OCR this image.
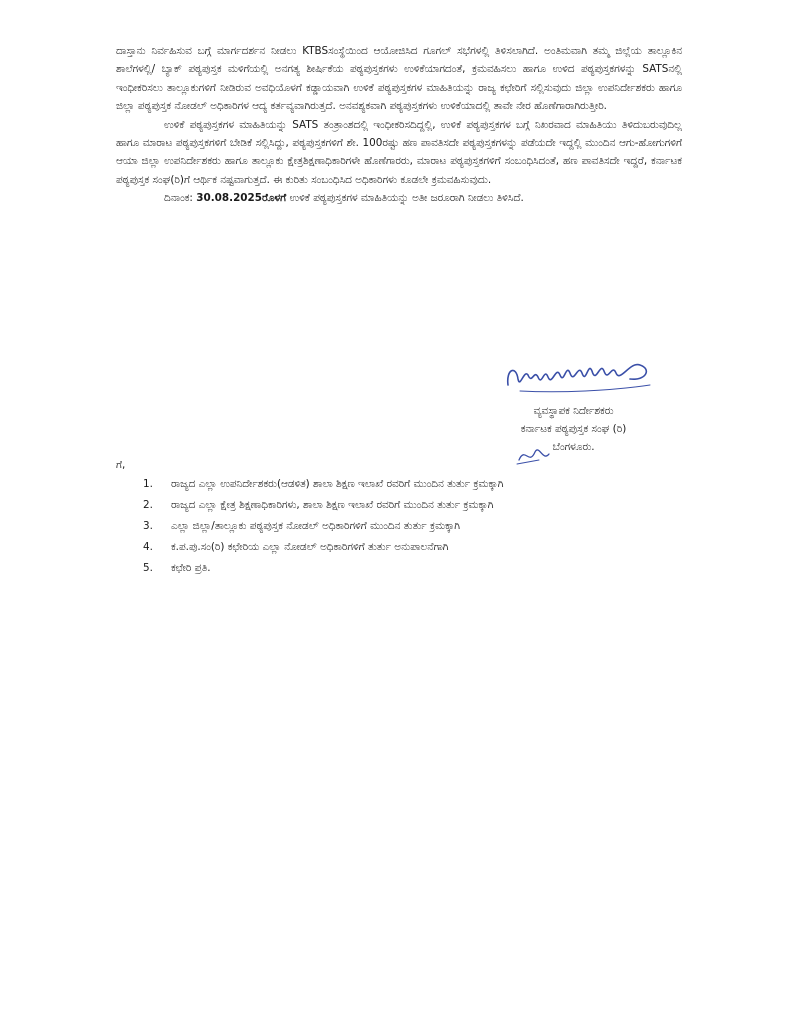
ದಾಸ್ತಾನು ನಿರ್ವಹಿಸುವ ಬಗ್ಗೆ ಮಾರ್ಗದರ್ಶನ ನೀಡಲು KTBSಸಂಸ್ಥೆಯಿಂದ ಆಯೋಜಿಸಿದ ಗೂಗಲ್ ಸಭೆಗಳಲ್ಲಿ ತಿಳಿಸಲಾಗಿದೆ. ಅಂತಿಮವಾಗಿ ತಮ್ಮ ಜಿಲ್ಲೆಯ ತಾಲ್ಲೂಕಿನ ಶಾಲೆಗಳಲ್ಲಿ/ ಬ್ಯಾಕ್ ಪಠ್ಯಪುಸ್ತಕ ಮಳಿಗೆಯಲ್ಲಿ ಅನಗತ್ಯ ಶೀರ್ಷಿಕೆಯ ಪಠ್ಯಪುಸ್ತಕಗಳು ಉಳಿಕೆಯಾಗದಂತೆ, ಕ್ರಮವಹಿಸಲು ಹಾಗೂ ಉಳಿದ ಪಠ್ಯಪುಸ್ತಕಗಳನ್ನು SATSನಲ್ಲಿ ಇಂಧೀಕರಿಸಲು ತಾಲ್ಲೂಕುಗಳಿಗೆ ನೀಡಿರುವ ಅವಧಿಯೊಳಗೆ ಕಡ್ಡಾಯವಾಗಿ ಉಳಿಕೆ ಪಠ್ಯಪುಸ್ತಕಗಳ ಮಾಹಿತಿಯನ್ನು ರಾಜ್ಯ ಕಛೇರಿಗೆ ಸಲ್ಲಿಸುವುದು ಜಿಲ್ಲಾ ಉಪನಿರ್ದೇಶಕರು ಹಾಗೂ ಜಿಲ್ಲಾ ಪಠ್ಯಪುಸ್ತಕ ನೋಡಲ್ ಅಧಿಕಾರಿಗಳ ಆದ್ಯ ಕರ್ತವ್ಯವಾಗಿರುತ್ತದೆ. ಅನವಶ್ಯಕವಾಗಿ ಪಠ್ಯಪುಸ್ತಕಗಳು ಉಳಿಕೆಯಾದಲ್ಲಿ ತಾವೇ ನೇರ ಹೊಣೆಗಾರಾಗಿರುತ್ತೀರಿ.

ಉಳಿಕೆ ಪಠ್ಯಪುಸ್ತಕಗಳ ಮಾಹಿತಿಯನ್ನು SATS ತಂತ್ರಾಂಶದಲ್ಲಿ ಇಂಧೀಕರಿಸದಿದ್ದಲ್ಲಿ, ಉಳಿಕೆ ಪಠ್ಯಪುಸ್ತಕಗಳ ಬಗ್ಗೆ ನಿಖರವಾದ ಮಾಹಿತಿಯು ತಿಳಿದುಬರುವುದಿಲ್ಲ ಹಾಗೂ ಮಾರಾಟ ಪಠ್ಯಪುಸ್ತಕಗಳಿಗೆ ಬೇಡಿಕೆ ಸಲ್ಲಿಸಿದ್ದು, ಪಠ್ಯಪುಸ್ತಕಗಳಿಗೆ ಶೇ. 100ರಷ್ಟು ಹಣ ಪಾವತಿಸದೇ ಪಠ್ಯಪುಸ್ತಕಗಳನ್ನು ಪಡೆಯದೇ ಇದ್ದಲ್ಲಿ ಮುಂದಿನ ಆಗು-ಹೋಗುಗಳಿಗೆ ಆಯಾ ಜಿಲ್ಲಾ ಉಪನಿರ್ದೇಶಕರು ಹಾಗೂ ತಾಲ್ಲೂಕು ಕ್ಷೇತ್ರಶಿಕ್ಷಣಾಧಿಕಾರಿಗಳೇ ಹೊಣೆಗಾರರು, ಮಾರಾಟ ಪಠ್ಯಪುಸ್ತಕಗಳಿಗೆ ಸಂಬಂಧಿಸಿದಂತೆ, ಹಣ ಪಾವತಿಸದೇ ಇದ್ದರೆ, ಕರ್ನಾಟಕ ಪಠ್ಯಪುಸ್ತಕ ಸಂಘ(ರಿ)ಗೆ ಆರ್ಥಿಕ ನಷ್ಟವಾಗುತ್ತದೆ. ಈ ಕುರಿತು ಸಂಬಂಧಿಸಿದ ಅಧಿಕಾರಿಗಳು ಕೂಡಲೇ ಕ್ರಮವಹಿಸುವುದು.

ದಿನಾಂಕ: 30.08.2025ರೊಳಗೆ ಉಳಿಕೆ ಪಠ್ಯಪುಸ್ತಕಗಳ ಮಾಹಿತಿಯನ್ನು ಅತೀ ಜರೂರಾಗಿ ನೀಡಲು ತಿಳಿಸಿದೆ.

ವ್ಯವಸ್ಥಾಪಕ ನಿರ್ದೇಶಕರು
ಕರ್ನಾಟಕ ಪಠ್ಯಪುಸ್ತಕ ಸಂಘ (ರಿ)
ಬೆಂಗಳೂರು.
ಗೆ,
1.	ರಾಜ್ಯದ ಎಲ್ಲಾ ಉಪನಿರ್ದೇಶಕರು(ಆಡಳಿತ) ಶಾಲಾ ಶಿಕ್ಷಣ ಇಲಾಖೆ ರವರಿಗೆ ಮುಂದಿನ ತುರ್ತು ಕ್ರಮಕ್ಕಾಗಿ
2.	ರಾಜ್ಯದ ಎಲ್ಲಾ ಕ್ಷೇತ್ರ ಶಿಕ್ಷಣಾಧಿಕಾರಿಗಳು, ಶಾಲಾ ಶಿಕ್ಷಣ ಇಲಾಖೆ ರವರಿಗೆ ಮುಂದಿನ ತುರ್ತು ಕ್ರಮಕ್ಕಾಗಿ
3.	ಎಲ್ಲಾ ಜಿಲ್ಲಾ/ತಾಲ್ಲೂಕು ಪಠ್ಯಪುಸ್ತಕ ನೋಡಲ್ ಅಧಿಕಾರಿಗಳಿಗೆ ಮುಂದಿನ ತುರ್ತು ಕ್ರಮಕ್ಕಾಗಿ
4.	ಕ.ಪ.ಪು.ಸಂ(ರಿ) ಕಛೇರಿಯ ಎಲ್ಲಾ ನೋಡಲ್ ಅಧಿಕಾರಿಗಳಿಗೆ ತುರ್ತು ಅನುಪಾಲನೆಗಾಗಿ
5.	ಕಛೇರಿ ಪ್ರತಿ.
